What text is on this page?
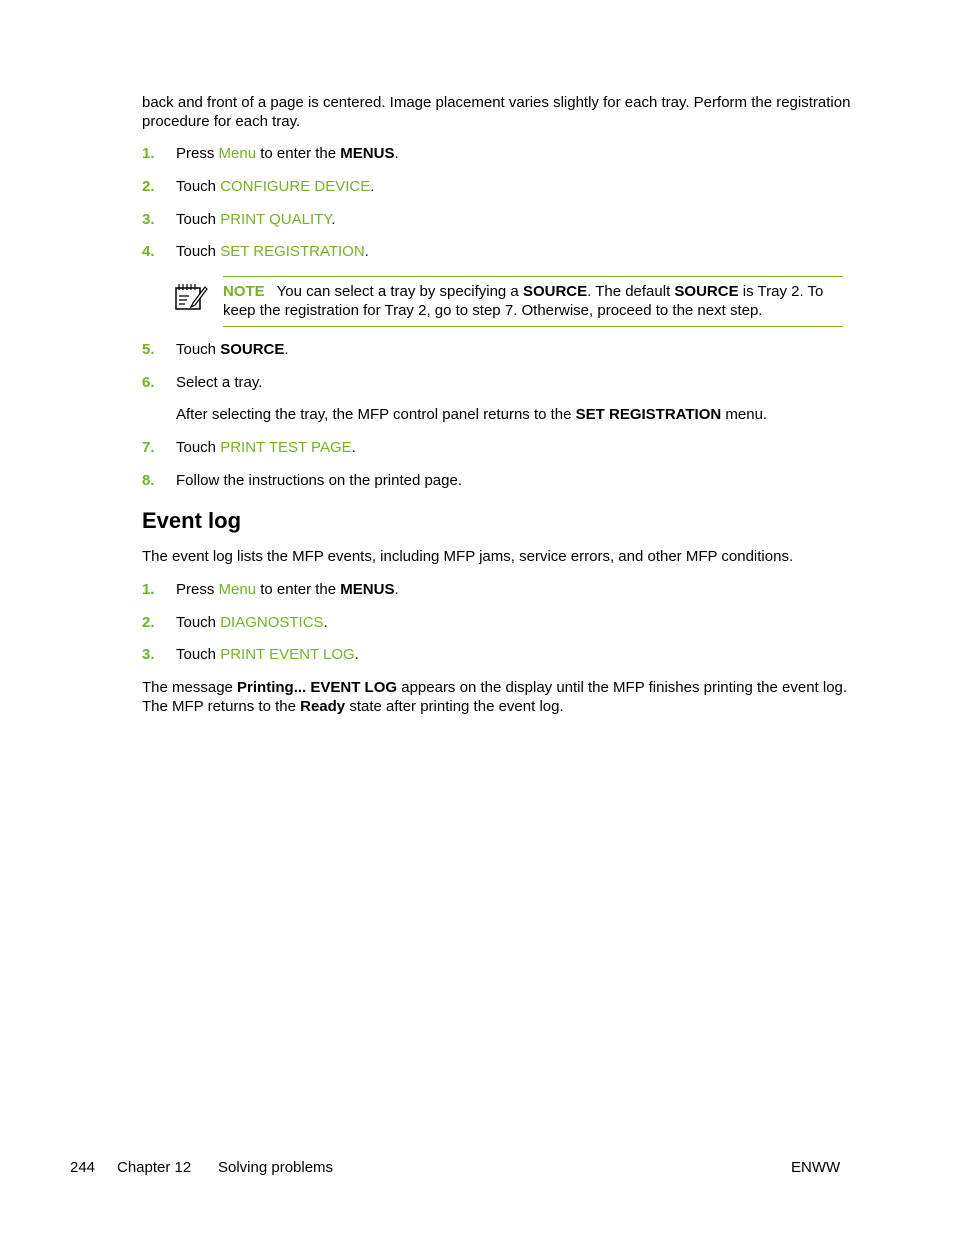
back and front of a page is centered. Image placement varies slightly for each tray. Perform the registration procedure for each tray.

1. Press Menu to enter the MENUS.
2. Touch CONFIGURE DEVICE.
3. Touch PRINT QUALITY.
4. Touch SET REGISTRATION.
NOTE You can select a tray by specifying a SOURCE. The default SOURCE is Tray 2. To keep the registration for Tray 2, go to step 7. Otherwise, proceed to the next step.
5. Touch SOURCE.
6. Select a tray.
After selecting the tray, the MFP control panel returns to the SET REGISTRATION menu.
7. Touch PRINT TEST PAGE.
8. Follow the instructions on the printed page.
Event log

The event log lists the MFP events, including MFP jams, service errors, and other MFP conditions.

1. Press Menu to enter the MENUS.
2. Touch DIAGNOSTICS.
3. Touch PRINT EVENT LOG.

The message Printing... EVENT LOG appears on the display until the MFP finishes printing the event log. The MFP returns to the Ready state after printing the event log.

244 Chapter 12 Solving problems	ENWW
